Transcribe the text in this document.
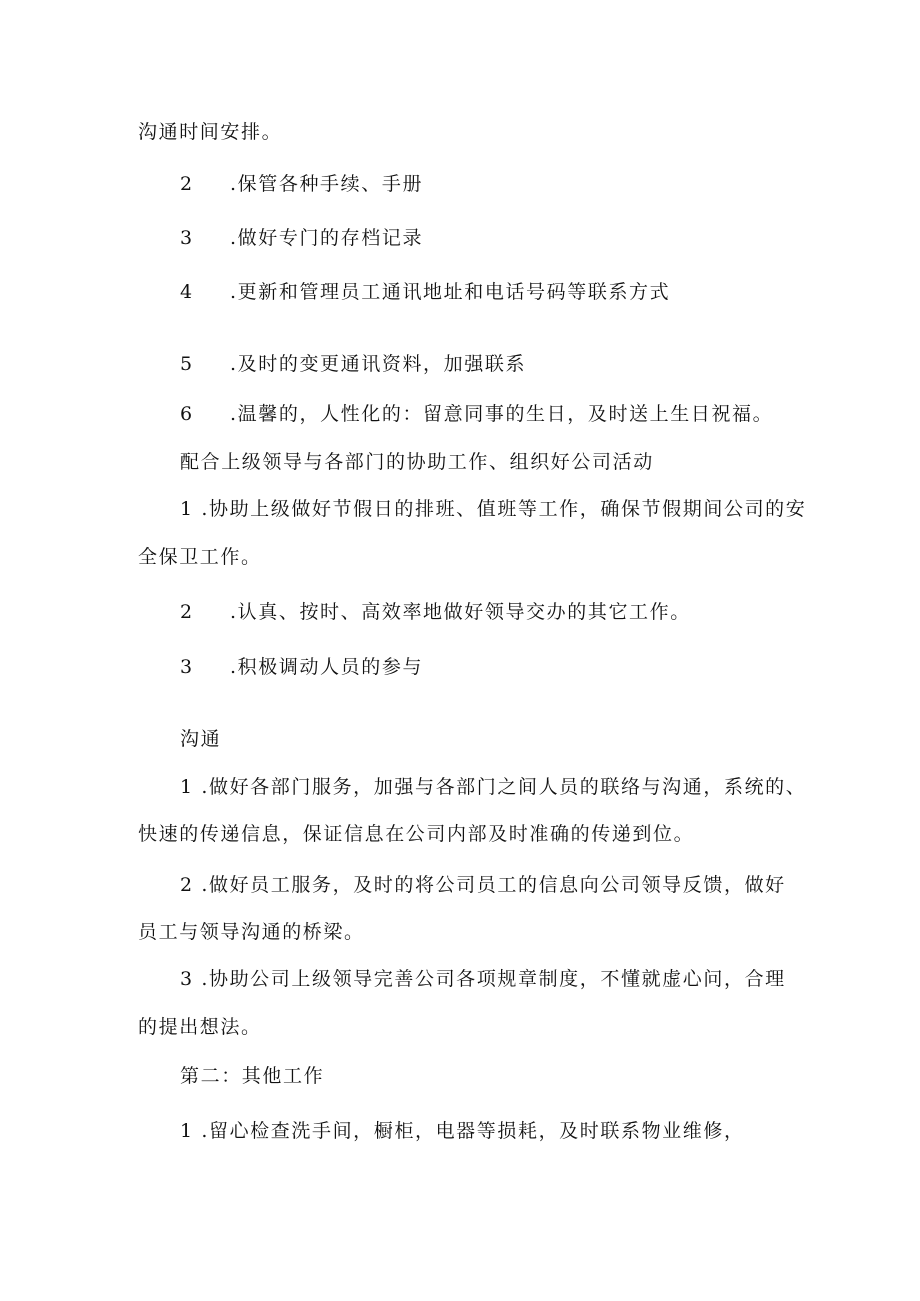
沟通时间安排。

2 .保管各种手续、手册

3 .做好专门的存档记录

4 .更新和管理员工通讯地址和电话号码等联系方式

5 .及时的变更通讯资料，加强联系

6 .温馨的，人性化的：留意同事的生日，及时送上生日祝福。

配合上级领导与各部门的协助工作、组织好公司活动

1 .协助上级做好节假日的排班、值班等工作，确保节假期间公司的安

全保卫工作。

2 .认真、按时、高效率地做好领导交办的其它工作。

3 .积极调动人员的参与

沟通

1 .做好各部门服务，加强与各部门之间人员的联络与沟通，系统的、

快速的传递信息，保证信息在公司内部及时准确的传递到位。

2 .做好员工服务，及时的将公司员工的信息向公司领导反馈，做好

员工与领导沟通的桥梁。

3 .协助公司上级领导完善公司各项规章制度，不懂就虚心问，合理

的提出想法。

第二：其他工作

1 .留心检查洗手间，橱柜，电器等损耗，及时联系物业维修，
